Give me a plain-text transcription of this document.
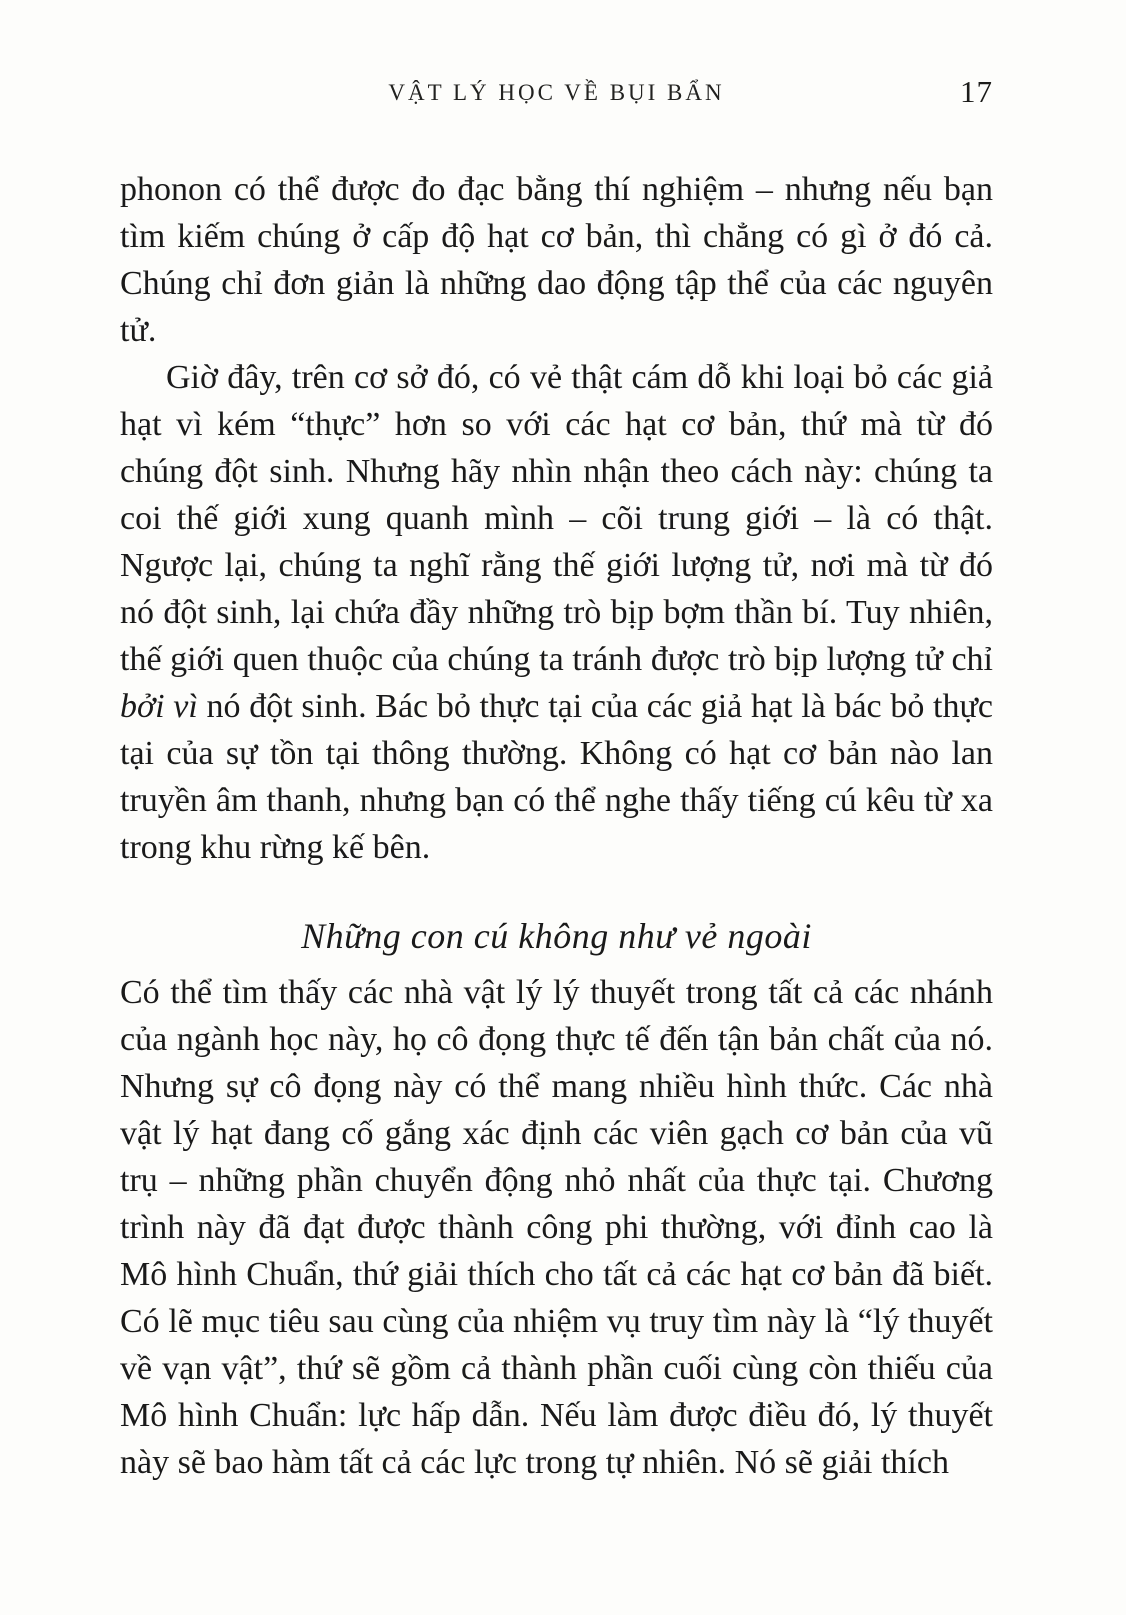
VẬT LÝ HỌC VỀ BỤI BẨN	17

phonon có thể được đo đạc bằng thí nghiệm – nhưng nếu bạn tìm kiếm chúng ở cấp độ hạt cơ bản, thì chẳng có gì ở đó cả. Chúng chỉ đơn giản là những dao động tập thể của các nguyên tử.

Giờ đây, trên cơ sở đó, có vẻ thật cám dỗ khi loại bỏ các giả hạt vì kém “thực” hơn so với các hạt cơ bản, thứ mà từ đó chúng đột sinh. Nhưng hãy nhìn nhận theo cách này: chúng ta coi thế giới xung quanh mình – cõi trung giới – là có thật. Ngược lại, chúng ta nghĩ rằng thế giới lượng tử, nơi mà từ đó nó đột sinh, lại chứa đầy những trò bịp bợm thần bí. Tuy nhiên, thế giới quen thuộc của chúng ta tránh được trò bịp lượng tử chỉ bởi vì nó đột sinh. Bác bỏ thực tại của các giả hạt là bác bỏ thực tại của sự tồn tại thông thường. Không có hạt cơ bản nào lan truyền âm thanh, nhưng bạn có thể nghe thấy tiếng cú kêu từ xa trong khu rừng kế bên.

Những con cú không như vẻ ngoài

Có thể tìm thấy các nhà vật lý lý thuyết trong tất cả các nhánh của ngành học này, họ cô đọng thực tế đến tận bản chất của nó. Nhưng sự cô đọng này có thể mang nhiều hình thức. Các nhà vật lý hạt đang cố gắng xác định các viên gạch cơ bản của vũ trụ – những phần chuyển động nhỏ nhất của thực tại. Chương trình này đã đạt được thành công phi thường, với đỉnh cao là Mô hình Chuẩn, thứ giải thích cho tất cả các hạt cơ bản đã biết. Có lẽ mục tiêu sau cùng của nhiệm vụ truy tìm này là “lý thuyết về vạn vật”, thứ sẽ gồm cả thành phần cuối cùng còn thiếu của Mô hình Chuẩn: lực hấp dẫn. Nếu làm được điều đó, lý thuyết này sẽ bao hàm tất cả các lực trong tự nhiên. Nó sẽ giải thích
